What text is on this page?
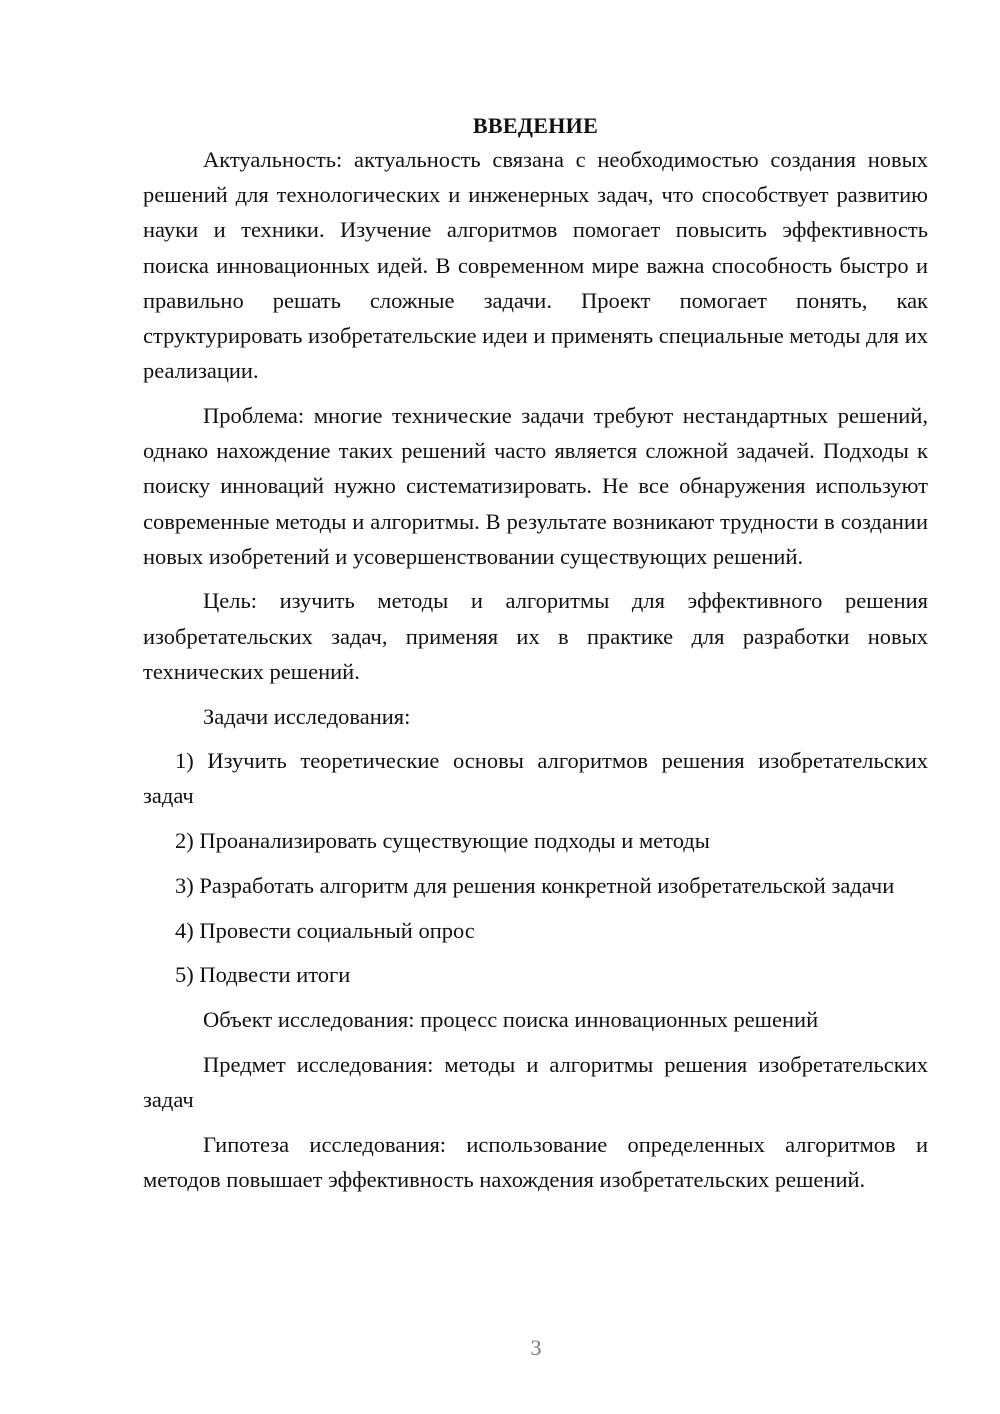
ВВЕДЕНИЕ

Актуальность: актуальность связана с необходимостью создания новых решений для технологических и инженерных задач, что способствует развитию науки и техники. Изучение алгоритмов помогает повысить эффективность поиска инновационных идей. В современном мире важна способность быстро и правильно решать сложные задачи. Проект помогает понять, как структурировать изобретательские идеи и применять специальные методы для их реализации.

Проблема: многие технические задачи требуют нестандартных решений, однако нахождение таких решений часто является сложной задачей. Подходы к поиску инноваций нужно систематизировать. Не все обнаружения используют современные методы и алгоритмы. В результате возникают трудности в создании новых изобретений и усовершенствовании существующих решений.

Цель: изучить методы и алгоритмы для эффективного решения изобретательских задач, применяя их в практике для разработки новых технических решений.

Задачи исследования:

1) Изучить теоретические основы алгоритмов решения изобретательских задач

2) Проанализировать существующие подходы и методы

3) Разработать алгоритм для решения конкретной изобретательской задачи

4) Провести социальный опрос

5) Подвести итоги

Объект исследования: процесс поиска инновационных решений

Предмет исследования: методы и алгоритмы решения изобретательских задач

Гипотеза исследования: использование определенных алгоритмов и методов повышает эффективность нахождения изобретательских решений.

3
